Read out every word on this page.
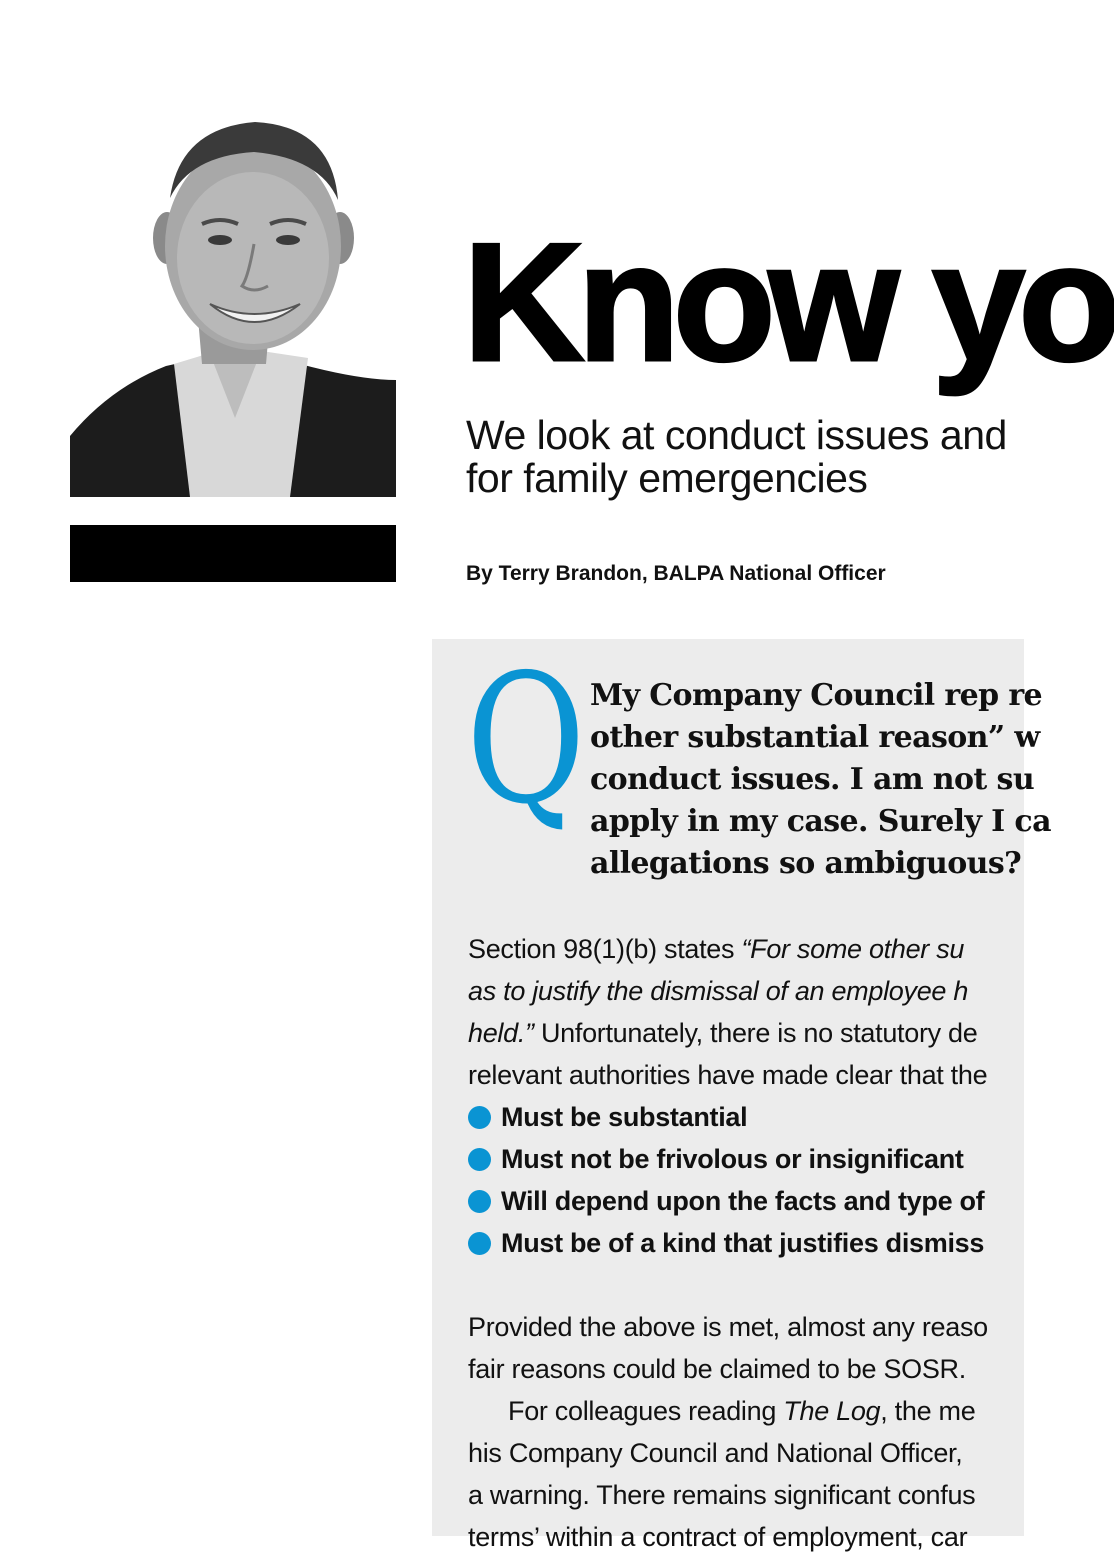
Know yo

We look at conduct issues and
for family emergencies

By Terry Brandon, BALPA National Officer

Q My Company Council rep re
other substantial reason” w
conduct issues. I am not su
apply in my case. Surely I ca
allegations so ambiguous?

Section 98(1)(b) states “For some other su
as to justify the dismissal of an employee h
held.” Unfortunately, there is no statutory de
relevant authorities have made clear that the

Must be substantial
Must not be frivolous or insignificant
Will depend upon the facts and type of
Must be of a kind that justifies dismiss

Provided the above is met, almost any reaso
fair reasons could be claimed to be SOSR.
For colleagues reading The Log, the me
his Company Council and National Officer,
a warning. There remains significant confus
terms’ within a contract of employment, car
